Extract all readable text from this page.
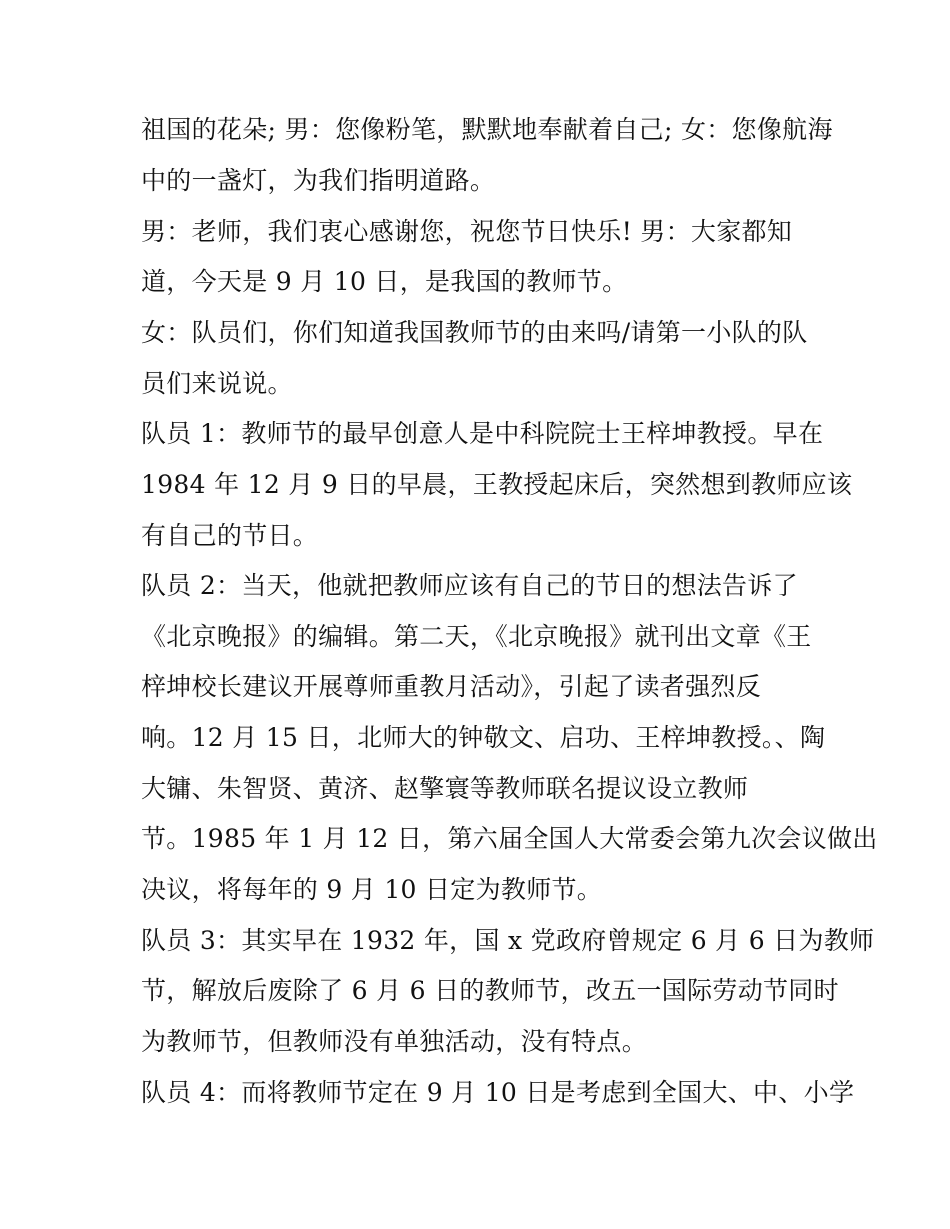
祖国的花朵; 男：您像粉笔，默默地奉献着自己; 女：您像航海
中的一盏灯，为我们指明道路。
男：老师，我们衷心感谢您，祝您节日快乐! 男：大家都知
道，今天是 9 月 10 日，是我国的教师节。
女：队员们，你们知道我国教师节的由来吗/请第一小队的队
员们来说说。
队员 1：教师节的最早创意人是中科院院士王梓坤教授。早在
1984 年 12 月 9 日的早晨，王教授起床后，突然想到教师应该
有自己的节日。
队员 2：当天，他就把教师应该有自己的节日的想法告诉了
《北京晚报》的编辑。第二天，《北京晚报》就刊出文章《王
梓坤校长建议开展尊师重教月活动》，引起了读者强烈反
响。12 月 15 日，北师大的钟敬文、启功、王梓坤教授。、陶
大镛、朱智贤、黄济、赵擎寰等教师联名提议设立教师
节。1985 年 1 月 12 日，第六届全国人大常委会第九次会议做出
决议，将每年的 9 月 10 日定为教师节。
队员 3：其实早在 1932 年，国 x 党政府曾规定 6 月 6 日为教师
节，解放后废除了 6 月 6 日的教师节，改五一国际劳动节同时
为教师节，但教师没有单独活动，没有特点。
队员 4：而将教师节定在 9 月 10 日是考虑到全国大、中、小学
